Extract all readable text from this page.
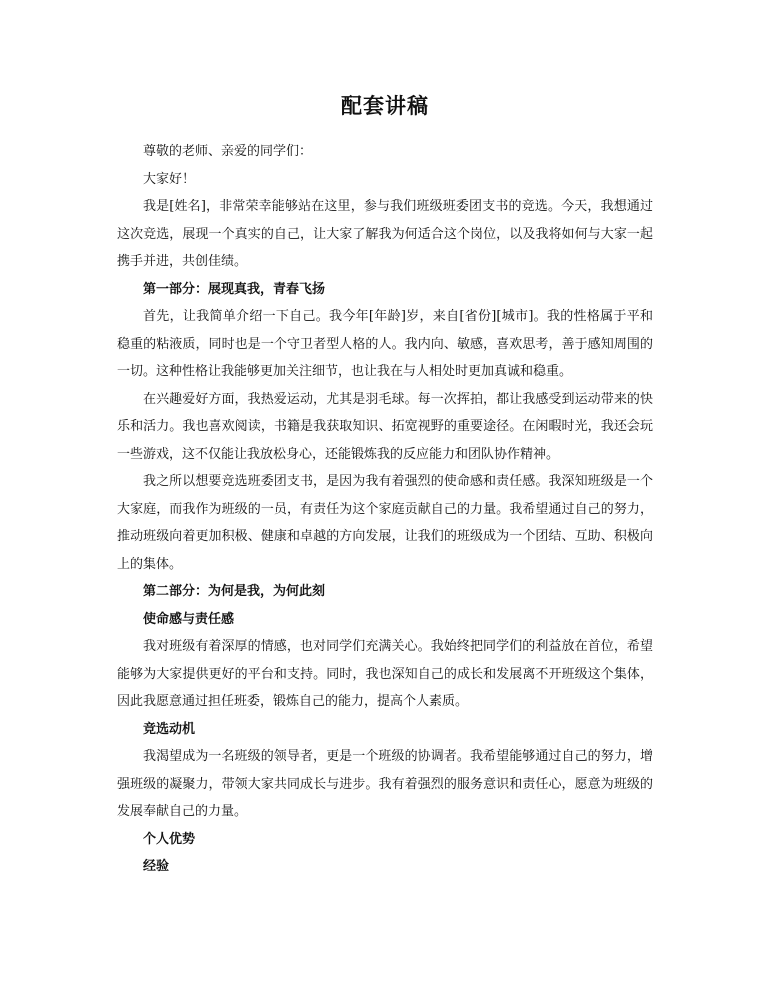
配套讲稿

尊敬的老师、亲爱的同学们：

大家好！

我是[姓名]，非常荣幸能够站在这里，参与我们班级班委团支书的竞选。今天，我想通过这次竞选，展现一个真实的自己，让大家了解我为何适合这个岗位，以及我将如何与大家一起携手并进，共创佳绩。

第一部分：展现真我，青春飞扬

首先，让我简单介绍一下自己。我今年[年龄]岁，来自[省份][城市]。我的性格属于平和稳重的粘液质，同时也是一个守卫者型人格的人。我内向、敏感，喜欢思考，善于感知周围的一切。这种性格让我能够更加关注细节，也让我在与人相处时更加真诚和稳重。

在兴趣爱好方面，我热爱运动，尤其是羽毛球。每一次挥拍，都让我感受到运动带来的快乐和活力。我也喜欢阅读，书籍是我获取知识、拓宽视野的重要途径。在闲暇时光，我还会玩一些游戏，这不仅能让我放松身心，还能锻炼我的反应能力和团队协作精神。

我之所以想要竞选班委团支书，是因为我有着强烈的使命感和责任感。我深知班级是一个大家庭，而我作为班级的一员，有责任为这个家庭贡献自己的力量。我希望通过自己的努力，推动班级向着更加积极、健康和卓越的方向发展，让我们的班级成为一个团结、互助、积极向上的集体。

第二部分：为何是我，为何此刻

使命感与责任感

我对班级有着深厚的情感，也对同学们充满关心。我始终把同学们的利益放在首位，希望能够为大家提供更好的平台和支持。同时，我也深知自己的成长和发展离不开班级这个集体，因此我愿意通过担任班委，锻炼自己的能力，提高个人素质。

竞选动机

我渴望成为一名班级的领导者，更是一个班级的协调者。我希望能够通过自己的努力，增强班级的凝聚力，带领大家共同成长与进步。我有着强烈的服务意识和责任心，愿意为班级的发展奉献自己的力量。

个人优势

经验
